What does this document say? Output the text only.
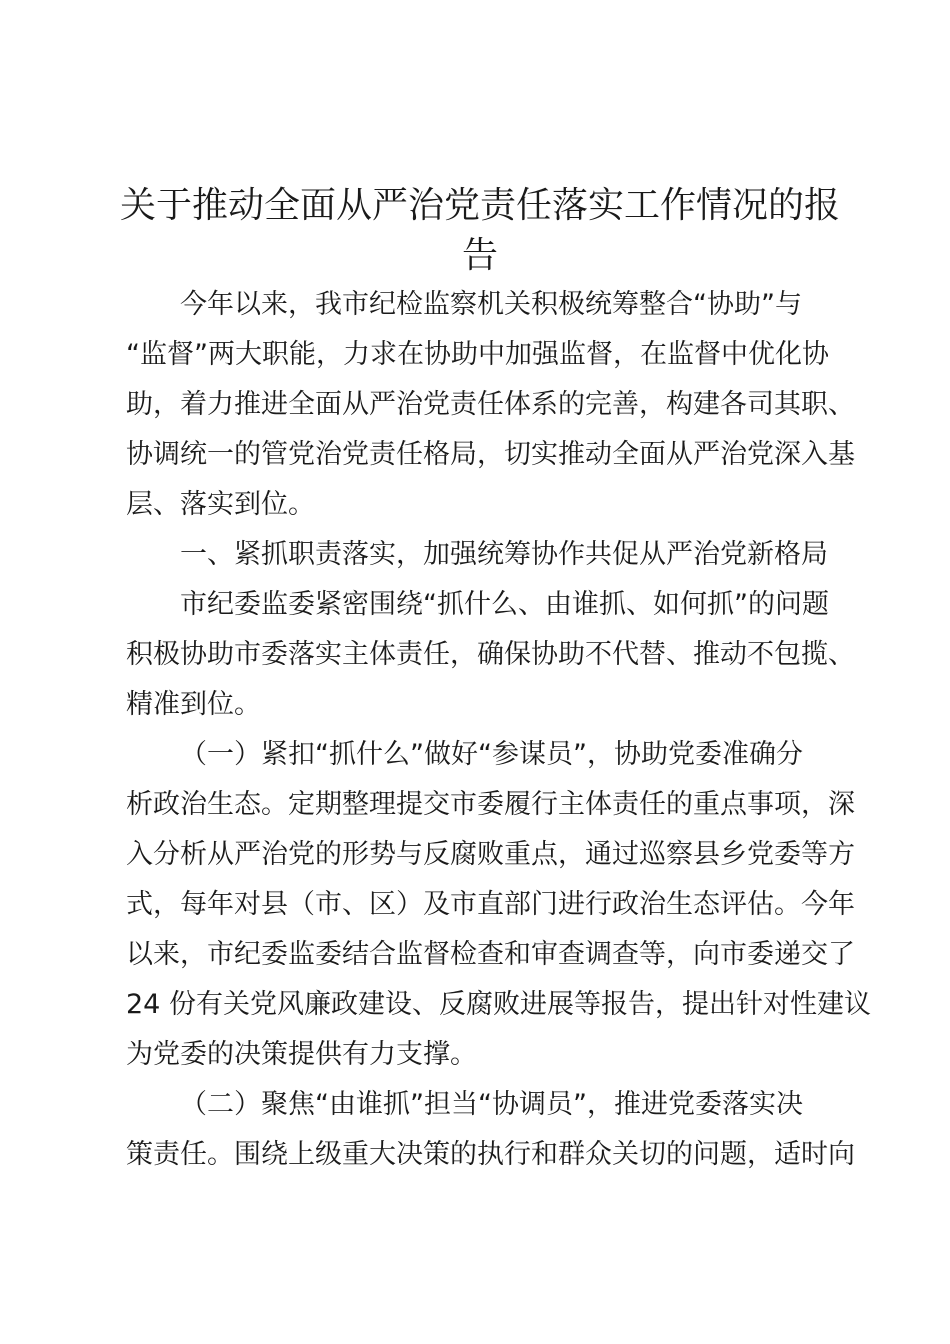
关于推动全面从严治党责任落实工作情况的报
告
今年以来，我市纪检监察机关积极统筹整合“协助”与
“监督”两大职能，力求在协助中加强监督，在监督中优化协
助，着力推进全面从严治党责任体系的完善，构建各司其职、
协调统一的管党治党责任格局，切实推动全面从严治党深入基
层、落实到位。
一、紧抓职责落实，加强统筹协作共促从严治党新格局
市纪委监委紧密围绕“抓什么、由谁抓、如何抓”的问题
积极协助市委落实主体责任，确保协助不代替、推动不包揽、
精准到位。
（一）紧扣“抓什么”做好“参谋员”，协助党委准确分
析政治生态。定期整理提交市委履行主体责任的重点事项，深
入分析从严治党的形势与反腐败重点，通过巡察县乡党委等方
式，每年对县（市、区）及市直部门进行政治生态评估。今年
以来，市纪委监委结合监督检查和审查调查等，向市委递交了
24 份有关党风廉政建设、反腐败进展等报告，提出针对性建议
为党委的决策提供有力支撑。
（二）聚焦“由谁抓”担当“协调员”，推进党委落实决
策责任。围绕上级重大决策的执行和群众关切的问题，适时向
